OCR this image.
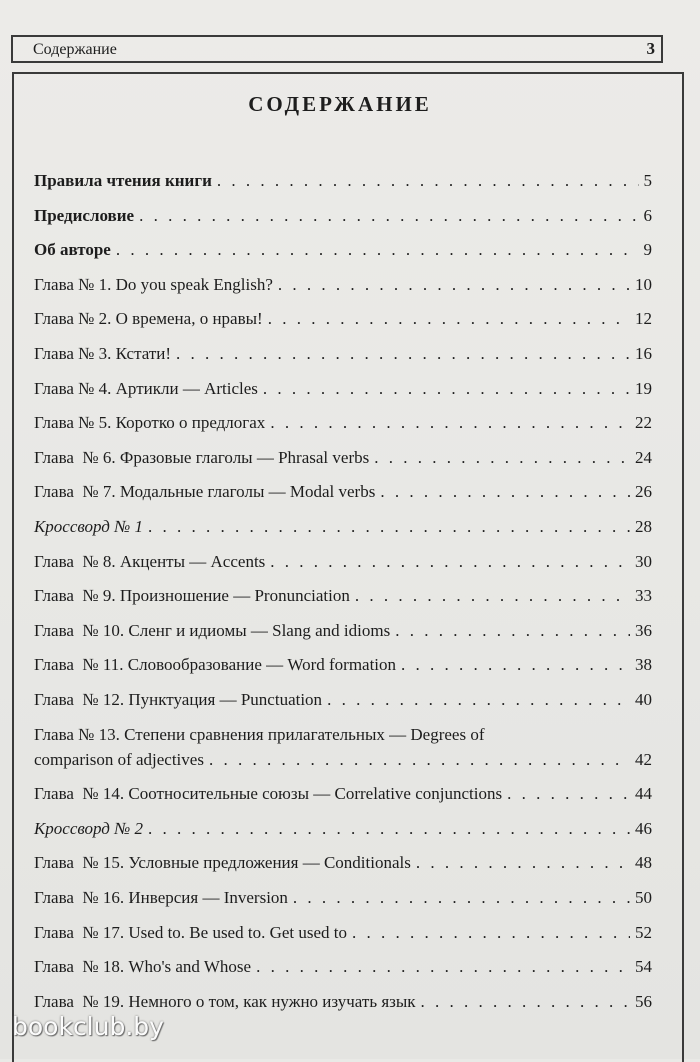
Содержание	3
СОДЕРЖАНИЕ
Правила чтения книги . . .	5
Предисловие . . .	6
Об авторе . . .	9
Глава № 1. Do you speak English? . . .	10
Глава № 2. О времена, о нравы! . . .	12
Глава № 3. Кстати! . . .	16
Глава № 4. Артикли — Articles . . .	19
Глава № 5. Коротко о предлогах . . .	22
Глава  № 6. Фразовые глаголы — Phrasal verbs . . .	24
Глава  № 7. Модальные глаголы — Modal verbs . . .	26
Кроссворд № 1 . . .	28
Глава  № 8. Акценты — Accents . . .	30
Глава  № 9. Произношение — Pronunciation . . .	33
Глава  № 10. Сленг и идиомы — Slang and idioms . . .	36
Глава  № 11. Словообразование — Word formation . . .	38
Глава  № 12. Пунктуация — Punctuation . . .	40
Глава № 13. Степени сравнения прилагательных — Degrees of
comparison of adjectives . . .	42
Глава  № 14. Соотносительные союзы — Correlative conjunctions . . .	44
Кроссворд № 2 . . .	46
Глава  № 15. Условные предложения — Conditionals . . .	48
Глава  № 16. Инверсия — Inversion . . .	50
Глава  № 17. Used to. Be used to. Get used to . . .	52
Глава  № 18. Who's and Whose . . .	54
Глава  № 19. Немного о том, как нужно изучать язык . . .	56
bookclub.by
